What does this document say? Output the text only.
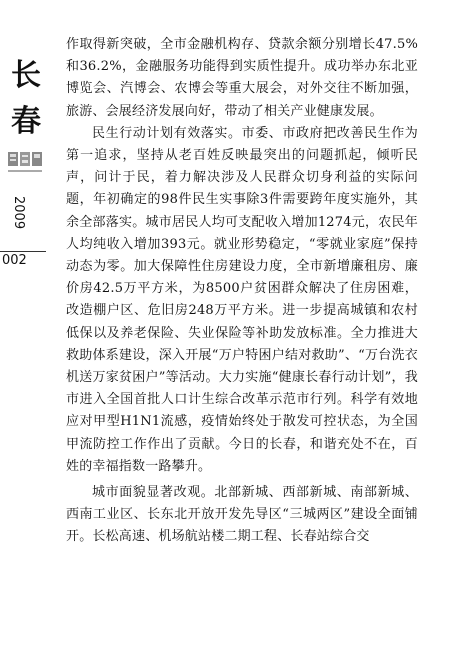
长
春
2009
002

作取得新突破，全市金融机构存、贷款余额分别增长47.5%和36.2%，金融服务功能得到实质性提升。成功举办东北亚博览会、汽博会、农博会等重大展会，对外交往不断加强，旅游、会展经济发展向好，带动了相关产业健康发展。

民生行动计划有效落实。市委、市政府把改善民生作为第一追求，坚持从老百姓反映最突出的问题抓起，倾听民声，问计于民，着力解决涉及人民群众切身利益的实际问题，年初确定的98件民生实事除3件需要跨年度实施外，其余全部落实。城市居民人均可支配收入增加1274元，农民年人均纯收入增加393元。就业形势稳定，“零就业家庭”保持动态为零。加大保障性住房建设力度，全市新增廉租房、廉价房42.5万平方米，为8500户贫困群众解决了住房困难，改造棚户区、危旧房248万平方米。进一步提高城镇和农村低保以及养老保险、失业保险等补助发放标准。全力推进大救助体系建设，深入开展“万户特困户结对救助”、“万台洗衣机送万家贫困户”等活动。大力实施“健康长春行动计划”，我市进入全国首批人口计生综合改革示范市行列。科学有效地应对甲型H1N1流感，疫情始终处于散发可控状态，为全国甲流防控工作作出了贡献。今日的长春，和谐充处不在，百姓的幸福指数一路攀升。

城市面貌显著改观。北部新城、西部新城、南部新城、西南工业区、长东北开放开发先导区“三城两区”建设全面铺开。长松高速、机场航站楼二期工程、长春站综合交
